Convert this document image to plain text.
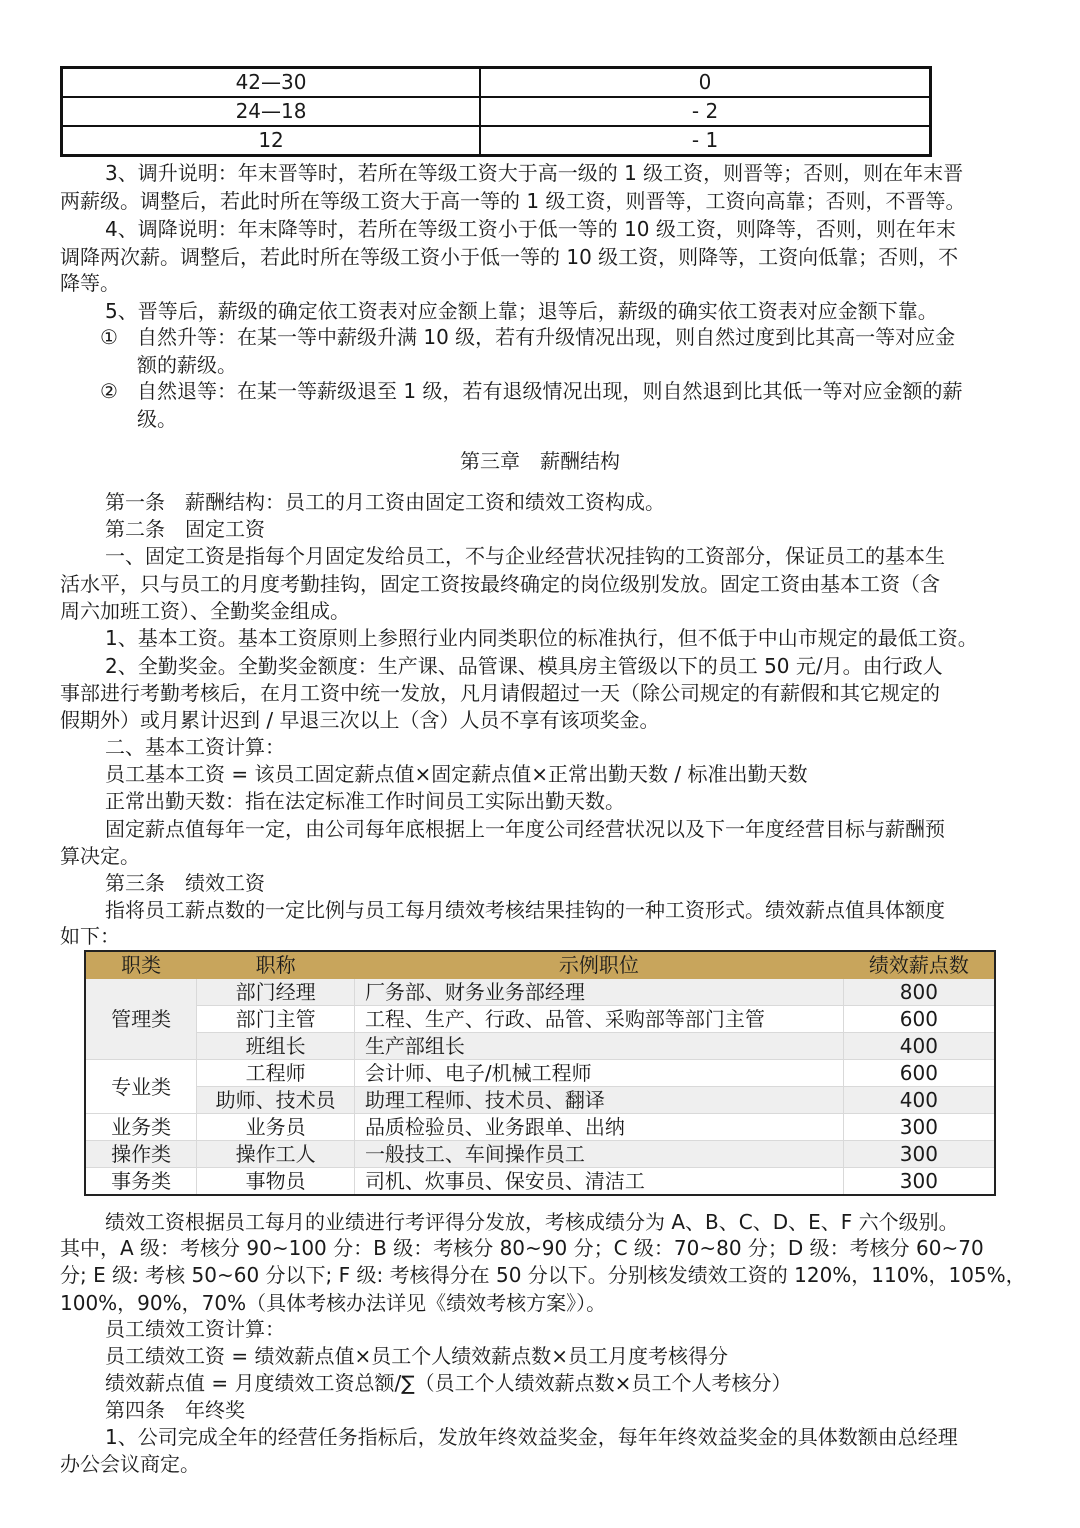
42—30	0
24—18	- 2
12	- 1
3、调升说明：年末晋等时，若所在等级工资大于高一级的 1 级工资，则晋等；否则，则在年末晋
两薪级。调整后，若此时所在等级工资大于高一等的 1 级工资，则晋等，工资向高靠；否则，不晋等。
4、调降说明：年末降等时，若所在等级工资小于低一等的 10 级工资，则降等，否则，则在年末
调降两次薪。调整后，若此时所在等级工资小于低一等的 10 级工资，则降等，工资向低靠；否则，不
降等。
5、晋等后，薪级的确定依工资表对应金额上靠；退等后，薪级的确实依工资表对应金额下靠。
① 自然升等：在某一等中薪级升满 10 级，若有升级情况出现，则自然过度到比其高一等对应金
额的薪级。
② 自然退等：在某一等薪级退至 1 级，若有退级情况出现，则自然退到比其低一等对应金额的薪
级。
第三章　薪酬结构
第一条　薪酬结构：员工的月工资由固定工资和绩效工资构成。
第二条　固定工资
一、固定工资是指每个月固定发给员工，不与企业经营状况挂钩的工资部分，保证员工的基本生
活水平，只与员工的月度考勤挂钩，固定工资按最终确定的岗位级别发放。固定工资由基本工资（含
周六加班工资）、全勤奖金组成。
1、基本工资。基本工资原则上参照行业内同类职位的标准执行，但不低于中山市规定的最低工资。
2、全勤奖金。全勤奖金额度：生产课、品管课、模具房主管级以下的员工 50 元/月。由行政人
事部进行考勤考核后，在月工资中统一发放，凡月请假超过一天（除公司规定的有薪假和其它规定的
假期外）或月累计迟到 / 早退三次以上（含）人员不享有该项奖金。
二、基本工资计算：
员工基本工资 = 该员工固定薪点值×固定薪点值×正常出勤天数 / 标准出勤天数
正常出勤天数：指在法定标准工作时间员工实际出勤天数。
固定薪点值每年一定，由公司每年底根据上一年度公司经营状况以及下一年度经营目标与薪酬预
算决定。
第三条　绩效工资
指将员工薪点数的一定比例与员工每月绩效考核结果挂钩的一种工资形式。绩效薪点值具体额度
如下：
职类	职称	示例职位	绩效薪点数
管理类	部门经理	厂务部、财务业务部经理	800
	部门主管	工程、生产、行政、品管、采购部等部门主管	600
	班组长	生产部组长	400
专业类	工程师	会计师、电子/机械工程师	600
	助师、技术员	助理工程师、技术员、翻译	400
业务类	业务员	品质检验员、业务跟单、出纳	300
操作类	操作工人	一般技工、车间操作员工	300
事务类	事物员	司机、炊事员、保安员、清洁工	300
绩效工资根据员工每月的业绩进行考评得分发放，考核成绩分为 A、B、C、D、E、F 六个级别。
其中，A 级：考核分 90~100 分：B 级：考核分 80~90 分；C 级：70~80 分；D 级：考核分 60~70
分; E 级: 考核 50~60 分以下; F 级: 考核得分在 50 分以下。分别核发绩效工资的 120%，110%，105%，
100%，90%，70%（具体考核办法详见《绩效考核方案》）。
员工绩效工资计算：
员工绩效工资 = 绩效薪点值×员工个人绩效薪点数×员工月度考核得分
绩效薪点值 = 月度绩效工资总额/∑（员工个人绩效薪点数×员工个人考核分）
第四条　年终奖
1、公司完成全年的经营任务指标后，发放年终效益奖金，每年年终效益奖金的具体数额由总经理
办公会议商定。
